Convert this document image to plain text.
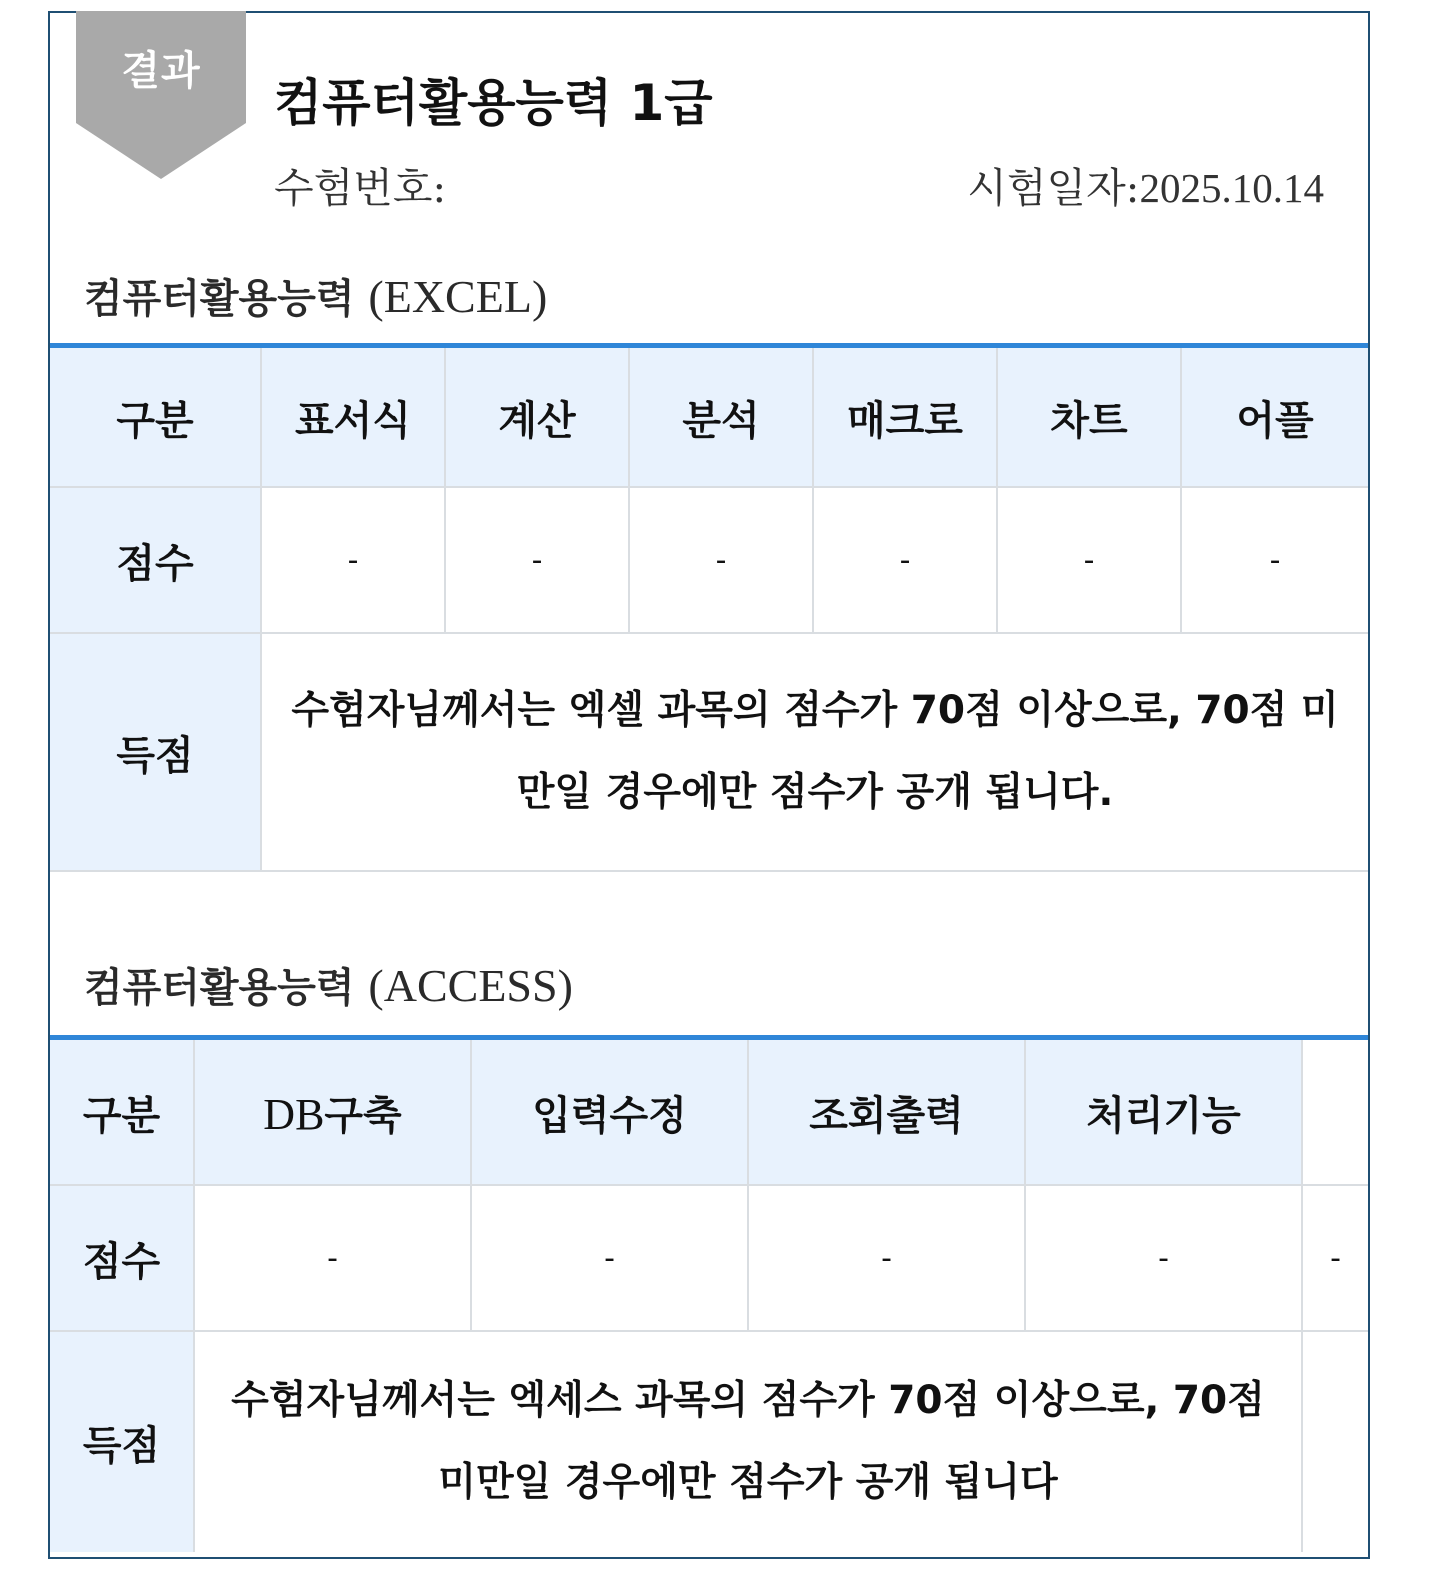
결과
컴퓨터활용능력 1급
수험번호:	시험일자:2025.10.14
컴퓨터활용능력 (EXCEL)
구분	표서식	계산	분석	매크로	차트	어플
점수	-	-	-	-	-	-
득점	수험자님께서는 엑셀 과목의 점수가 70점 이상으로, 70점 미만일 경우에만 점수가 공개 됩니다.					
컴퓨터활용능력 (ACCESS)
구분	DB구축	입력수정	조회출력	처리기능	
점수	-	-	-	-	-
득점	수험자님께서는 엑세스 과목의 점수가 70점 이상으로, 70점 미만일 경우에만 점수가 공개 됩니다				
